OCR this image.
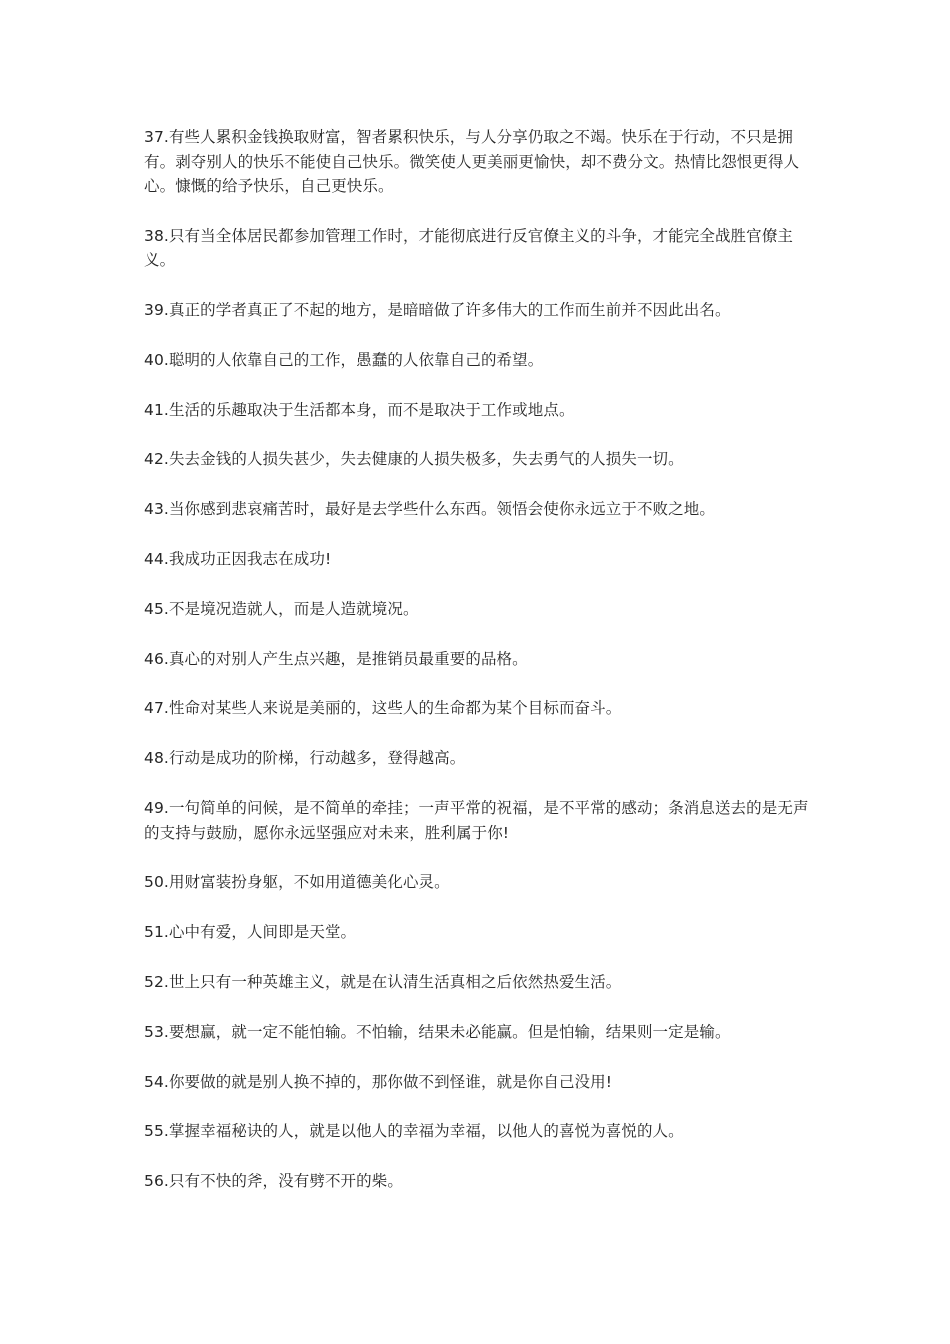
37.有些人累积金钱换取财富，智者累积快乐，与人分享仍取之不竭。快乐在于行动，不只是拥有。剥夺别人的快乐不能使自己快乐。微笑使人更美丽更愉快，却不费分文。热情比怨恨更得人心。慷慨的给予快乐，自己更快乐。

38.只有当全体居民都参加管理工作时，才能彻底进行反官僚主义的斗争，才能完全战胜官僚主义。

39.真正的学者真正了不起的地方，是暗暗做了许多伟大的工作而生前并不因此出名。

40.聪明的人依靠自己的工作，愚蠢的人依靠自己的希望。

41.生活的乐趣取决于生活都本身，而不是取决于工作或地点。

42.失去金钱的人损失甚少，失去健康的人损失极多，失去勇气的人损失一切。

43.当你感到悲哀痛苦时，最好是去学些什么东西。领悟会使你永远立于不败之地。

44.我成功正因我志在成功!

45.不是境况造就人，而是人造就境况。

46.真心的对别人产生点兴趣，是推销员最重要的品格。

47.性命对某些人来说是美丽的，这些人的生命都为某个目标而奋斗。

48.行动是成功的阶梯，行动越多，登得越高。

49.一句简单的问候，是不简单的牵挂；一声平常的祝福，是不平常的感动；条消息送去的是无声的支持与鼓励，愿你永远坚强应对未来，胜利属于你!

50.用财富装扮身躯，不如用道德美化心灵。

51.心中有爱，人间即是天堂。

52.世上只有一种英雄主义，就是在认清生活真相之后依然热爱生活。

53.要想赢，就一定不能怕输。不怕输，结果未必能赢。但是怕输，结果则一定是输。

54.你要做的就是别人换不掉的，那你做不到怪谁，就是你自己没用!

55.掌握幸福秘诀的人，就是以他人的幸福为幸福，以他人的喜悦为喜悦的人。

56.只有不快的斧，没有劈不开的柴。
